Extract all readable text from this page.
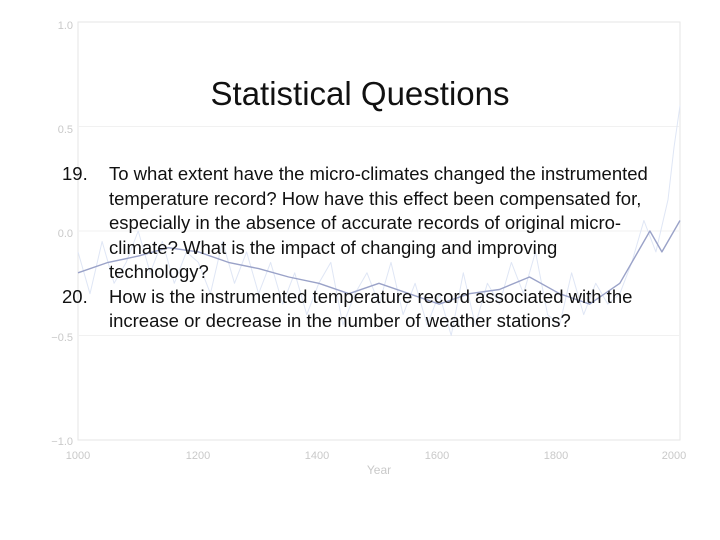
1.0
0.5
0.0
−0.5
−1.0
1000	1200	1400	1600	1800	2000
Year
Statistical Questions
19.	To what extent have the micro-climates changed the instrumented temperature record? How have this effect been compensated for, especially in the absence of accurate records of original micro-climate? What is the impact of changing and improving technology?
20.	How is the instrumented temperature record associated with the increase or decrease in the number of weather stations?
